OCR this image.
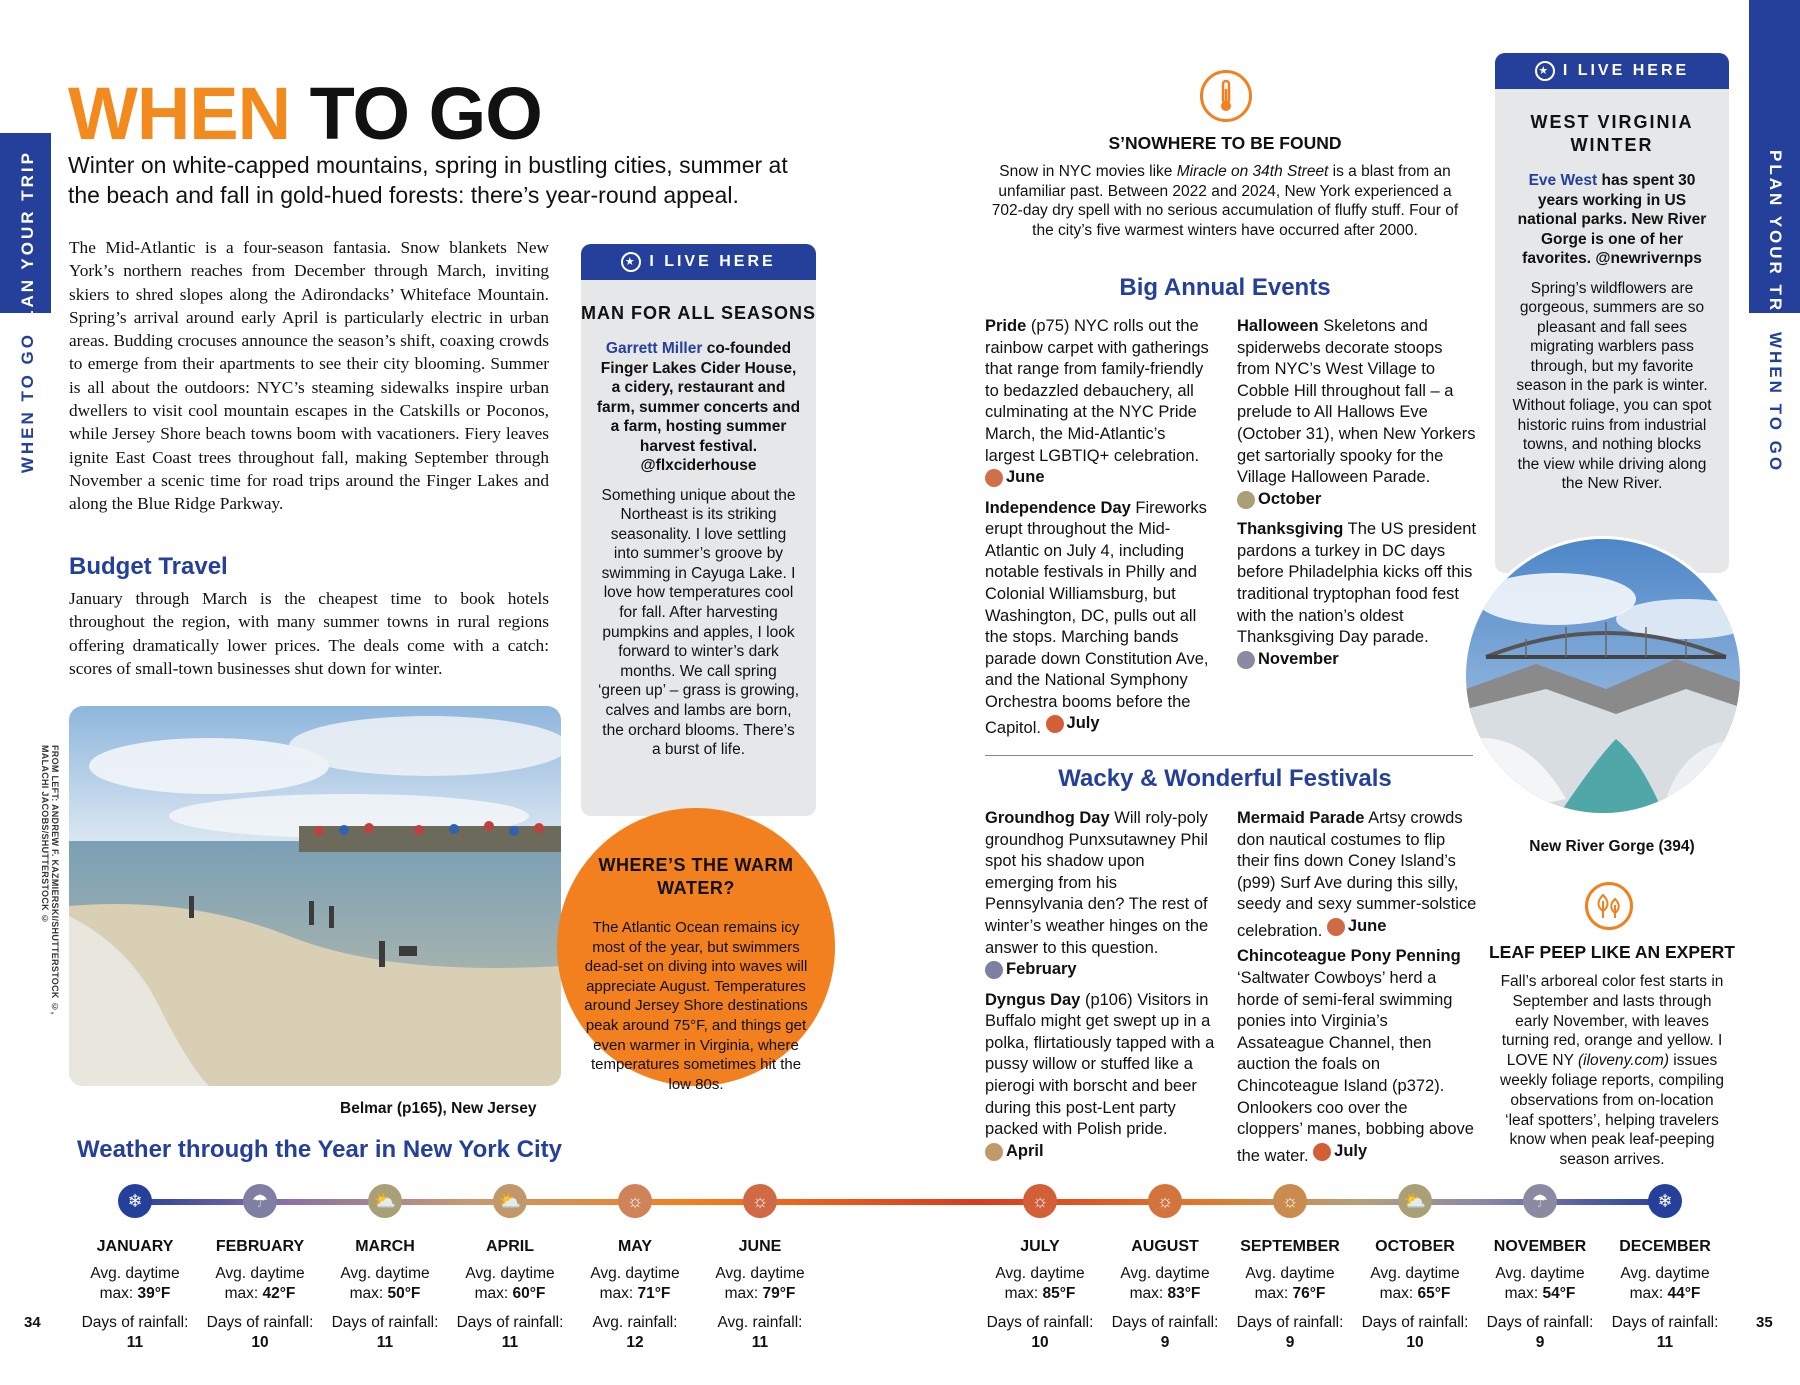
PLAN YOUR TRIP
WHEN TO GO
PLAN YOUR TRIP
WHEN TO GO
WHEN TO GO
Winter on white-capped mountains, spring in bustling cities, summer at the beach and fall in gold-hued forests: there’s year-round appeal.
The Mid-Atlantic is a four-season fantasia. Snow blankets New York’s northern reaches from December through March, inviting skiers to shred slopes along the Adirondacks’ Whiteface Mountain. Spring’s arrival around early April is particularly electric in urban areas. Budding crocuses announce the season’s shift, coaxing crowds to emerge from their apartments to see their city blooming. Summer is all about the outdoors: NYC’s steaming sidewalks inspire urban dwellers to visit cool mountain escapes in the Catskills or Poconos, while Jersey Shore beach towns boom with vacationers. Fiery leaves ignite East Coast trees throughout fall, making September through November a scenic time for road trips around the Finger Lakes and along the Blue Ridge Parkway.
Budget Travel
January through March is the cheapest time to book hotels throughout the region, with many summer towns in rural regions offering dramatically lower prices. The deals come with a catch: scores of small-town businesses shut down for winter.
FROM LEFT: ANDREW F. KAZMIERSKI/SHUTTERSTOCK ©, MALACHI JACOBS/SHUTTERSTOCK ©
Belmar (p165), New Jersey
★ I LIVE HERE
MAN FOR ALL SEASONS
Garrett Miller co-founded Finger Lakes Cider House, a cidery, restaurant and farm, summer concerts and a farm, hosting summer harvest festival. @flxciderhouse
Something unique about the Northeast is its striking seasonality. I love settling into summer’s groove by swimming in Cayuga Lake. I love how temperatures cool for fall. After harvesting pumpkins and apples, I look forward to winter’s dark months. We call spring ‘green up’ – grass is growing, calves and lambs are born, the orchard blooms. There’s a burst of life.
WHERE’S THE WARM WATER?
The Atlantic Ocean remains icy most of the year, but swimmers dead-set on diving into waves will appreciate August. Temperatures around Jersey Shore destinations peak around 75°F, and things get even warmer in Virginia, where temperatures sometimes hit the low 80s.
S’NOWHERE TO BE FOUND
Snow in NYC movies like Miracle on 34th Street is a blast from an unfamiliar past. Between 2022 and 2024, New York experienced a 702-day dry spell with no serious accumulation of fluffy stuff. Four of the city’s five warmest winters have occurred after 2000.
Big Annual Events
Pride (p75) NYC rolls out the rainbow carpet with gatherings that range from family-friendly to bedazzled debauchery, all culminating at the NYC Pride March, the Mid-Atlantic’s largest LGBTIQ+ celebration.
June
Independence Day Fireworks erupt throughout the Mid-Atlantic on July 4, including notable festivals in Philly and Colonial Williamsburg, but Washington, DC, pulls out all the stops. Marching bands parade down Constitution Ave, and the National Symphony Orchestra booms before the Capitol. July
Halloween Skeletons and spiderwebs decorate stoops from NYC’s West Village to Cobble Hill throughout fall – a prelude to All Hallows Eve (October 31), when New Yorkers get sartorially spooky for the Village Halloween Parade.
October
Thanksgiving The US president pardons a turkey in DC days before Philadelphia kicks off this traditional tryptophan food fest with the nation’s oldest Thanksgiving Day parade.
November
Wacky & Wonderful Festivals
Groundhog Day Will roly-poly groundhog Punxsutawney Phil spot his shadow upon emerging from his Pennsylvania den? The rest of winter’s weather hinges on the answer to this question.
February
Dyngus Day (p106) Visitors in Buffalo might get swept up in a polka, flirtatiously tapped with a pussy willow or stuffed like a pierogi with borscht and beer during this post-Lent party packed with Polish pride.
April
Mermaid Parade Artsy crowds don nautical costumes to flip their fins down Coney Island’s (p99) Surf Ave during this silly, seedy and sexy summer-solstice celebration. June
Chincoteague Pony Penning ‘Saltwater Cowboys’ herd a horde of semi-feral swimming ponies into Virginia’s Assateague Channel, then auction the foals on Chincoteague Island (p372). Onlookers coo over the cloppers’ manes, bobbing above the water. July
★ I LIVE HERE
WEST VIRGINIA WINTER
Eve West has spent 30 years working in US national parks. New River Gorge is one of her favorites. @newrivernps
Spring’s wildflowers are gorgeous, summers are so pleasant and fall sees migrating warblers pass through, but my favorite season in the park is winter. Without foliage, you can spot historic ruins from industrial towns, and nothing blocks the view while driving along the New River.
New River Gorge (394)
LEAF PEEP LIKE AN EXPERT
Fall’s arboreal color fest starts in September and lasts through early November, with leaves turning red, orange and yellow. I LOVE NY (iloveny.com) issues weekly foliage reports, compiling observations from on-location ‘leaf spotters’, helping travelers know when peak leaf-peeping season arrives.
Weather through the Year in New York City
❄
JANUARY
Avg. daytime
max: 39°F
Days of rainfall:
11
☂
FEBRUARY
Avg. daytime
max: 42°F
Days of rainfall:
10
⛅
MARCH
Avg. daytime
max: 50°F
Days of rainfall:
11
⛅
APRIL
Avg. daytime
max: 60°F
Days of rainfall:
11
☼
MAY
Avg. daytime
max: 71°F
Avg. rainfall:
12
☼
JUNE
Avg. daytime
max: 79°F
Avg. rainfall:
11
☼
JULY
Avg. daytime
max: 85°F
Days of rainfall:
10
☼
AUGUST
Avg. daytime
max: 83°F
Days of rainfall:
9
☼
SEPTEMBER
Avg. daytime
max: 76°F
Days of rainfall:
9
⛅
OCTOBER
Avg. daytime
max: 65°F
Days of rainfall:
10
☂
NOVEMBER
Avg. daytime
max: 54°F
Days of rainfall:
9
❄
DECEMBER
Avg. daytime
max: 44°F
Days of rainfall:
11
34	35
